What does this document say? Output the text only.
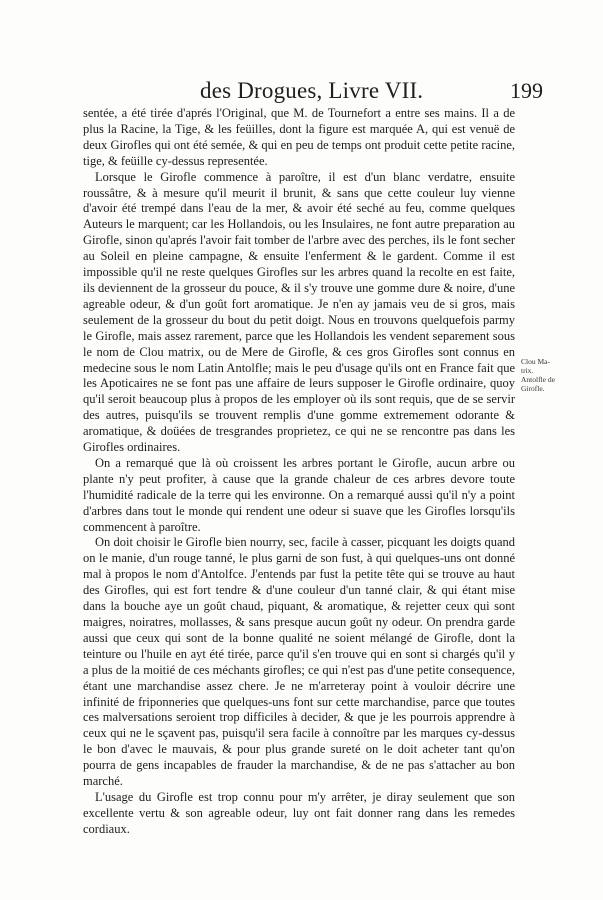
des Drogues, Livre VII.	199

sentée, a été tirée d'aprés l'Original, que M. de Tournefort a entre ses mains. Il a de plus la Racine, la Tige, & les feüilles, dont la figure est marquée A, qui est venuë de deux Girofles qui ont été semée, & qui en peu de temps ont produit cette petite racine, tige, & feüille cy-dessus representée.

Lorsque le Girofle commence à paroître, il est d'un blanc verdatre, ensuite roussâtre, & à mesure qu'il meurit il brunit, & sans que cette couleur luy vienne d'avoir été trempé dans l'eau de la mer, & avoir été seché au feu, comme quelques Auteurs le marquent; car les Hollandois, ou les Insulaires, ne font autre preparation au Girofle, sinon qu'aprés l'avoir fait tomber de l'arbre avec des perches, ils le font secher au Soleil en pleine campagne, & ensuite l'enferment & le gardent. Comme il est impossible qu'il ne reste quelques Girofles sur les arbres quand la recolte en est faite, ils deviennent de la grosseur du pouce, & il s'y trouve une gomme dure & noire, d'une agreable odeur, & d'un goût fort aromatique. Je n'en ay jamais veu de si gros, mais seulement de la grosseur du bout du petit doigt. Nous en trouvons quelquefois parmy le Girofle, mais assez rarement, parce que les Hollandois les vendent separement sous le nom de Clou matrix, ou de Mere de Girofle, & ces gros Girofles sont connus en medecine sous le nom Latin Antolfle; mais le peu d'usage qu'ils ont en France fait que les Apoticaires ne se font pas une affaire de leurs supposer le Girofle ordinaire, quoy qu'il seroit beaucoup plus à propos de les employer où ils sont requis, que de se servir des autres, puisqu'ils se trouvent remplis d'une gomme extremement odorante & aromatique, & doüées de tresgrandes proprietez, ce qui ne se rencontre pas dans les Girofles ordinaires.

On a remarqué que là où croissent les arbres portant le Girofle, aucun arbre ou plante n'y peut profiter, à cause que la grande chaleur de ces arbres devore toute l'humidité radicale de la terre qui les environne. On a remarqué aussi qu'il n'y a point d'arbres dans tout le monde qui rendent une odeur si suave que les Girofles lorsqu'ils commencent à paroître.

On doit choisir le Girofle bien nourry, sec, facile à casser, picquant les doigts quand on le manie, d'un rouge tanné, le plus garni de son fust, à qui quelques-uns ont donné mal à propos le nom d'Antolfce. J'entends par fust la petite tête qui se trouve au haut des Girofles, qui est fort tendre & d'une couleur d'un tanné clair, & qui étant mise dans la bouche aye un goût chaud, piquant, & aromatique, & rejetter ceux qui sont maigres, noiratres, mollasses, & sans presque aucun goût ny odeur. On prendra garde aussi que ceux qui sont de la bonne qualité ne soient mélangé de Girofle, dont la teinture ou l'huile en ayt été tirée, parce qu'il s'en trouve qui en sont si chargés qu'il y a plus de la moitié de ces méchants girofles; ce qui n'est pas d'une petite consequence, étant une marchandise assez chere. Je ne m'arreteray point à vouloir décrire une infinité de friponneries que quelques-uns font sur cette marchandise, parce que toutes ces malversations seroient trop difficiles à decider, & que je les pourrois apprendre à ceux qui ne le sçavent pas, puisqu'il sera facile à connoître par les marques cy-dessus le bon d'avec le mauvais, & pour plus grande sureté on le doit acheter tant qu'on pourra de gens incapables de frauder la marchandise, & de ne pas s'attacher au bon marché.

L'usage du Girofle est trop connu pour m'y arrêter, je diray seulement que son excellente vertu & son agreable odeur, luy ont fait donner rang dans les remedes cordiaux.

Clou Ma-
trix.
Antolfle de
Girofle.
